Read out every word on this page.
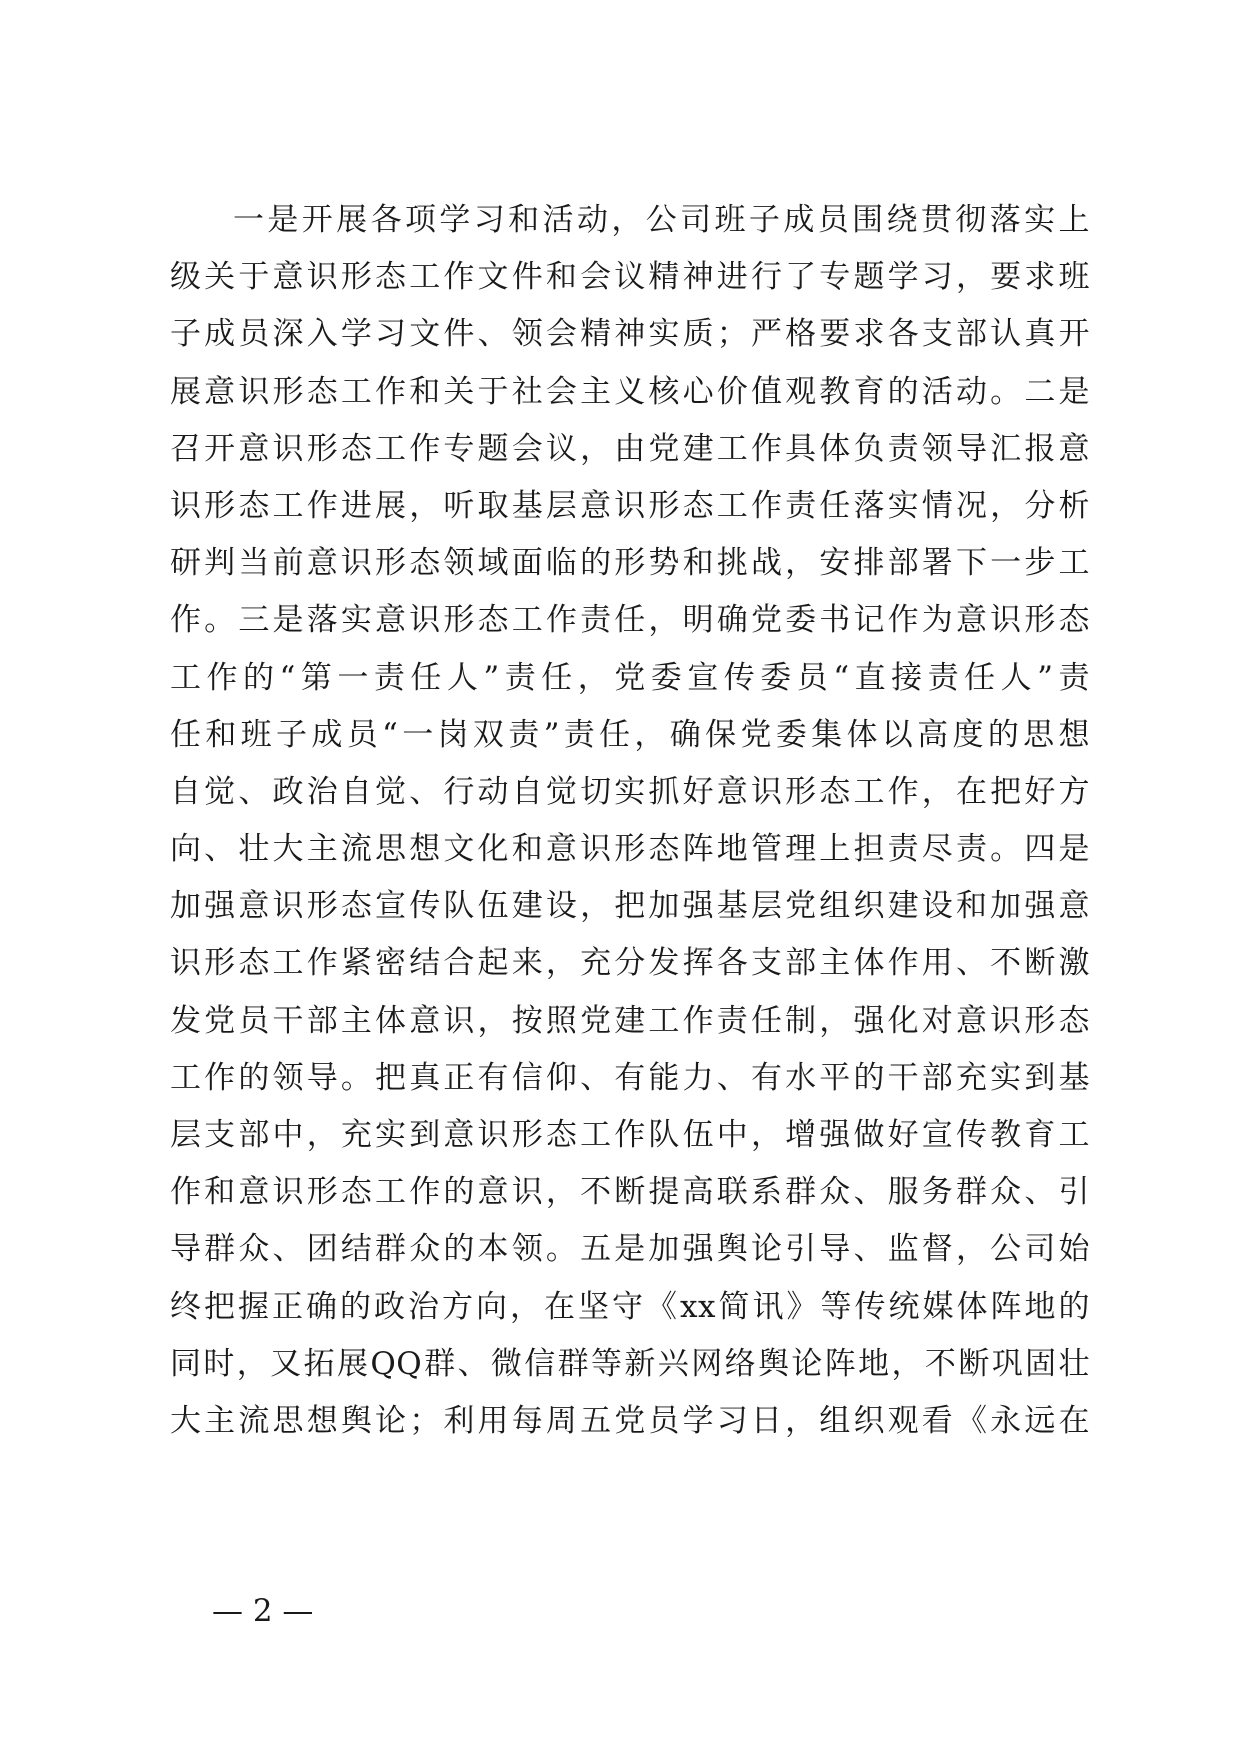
一是开展各项学习和活动，公司班子成员围绕贯彻落实上
级关于意识形态工作文件和会议精神进行了专题学习，要求班
子成员深入学习文件、领会精神实质；严格要求各支部认真开
展意识形态工作和关于社会主义核心价值观教育的活动。二是
召开意识形态工作专题会议，由党建工作具体负责领导汇报意
识形态工作进展，听取基层意识形态工作责任落实情况，分析
研判当前意识形态领域面临的形势和挑战，安排部署下一步工
作。三是落实意识形态工作责任，明确党委书记作为意识形态
工作的“第一责任人”责任，党委宣传委员“直接责任人”责
任和班子成员“一岗双责”责任，确保党委集体以高度的思想
自觉、政治自觉、行动自觉切实抓好意识形态工作，在把好方
向、壮大主流思想文化和意识形态阵地管理上担责尽责。四是
加强意识形态宣传队伍建设，把加强基层党组织建设和加强意
识形态工作紧密结合起来，充分发挥各支部主体作用、不断激
发党员干部主体意识，按照党建工作责任制，强化对意识形态
工作的领导。把真正有信仰、有能力、有水平的干部充实到基
层支部中，充实到意识形态工作队伍中，增强做好宣传教育工
作和意识形态工作的意识，不断提高联系群众、服务群众、引
导群众、团结群众的本领。五是加强舆论引导、监督，公司始
终把握正确的政治方向，在坚守《xx简讯》等传统媒体阵地的
同时，又拓展QQ群、微信群等新兴网络舆论阵地，不断巩固壮
大主流思想舆论；利用每周五党员学习日，组织观看《永远在
— 2 —
